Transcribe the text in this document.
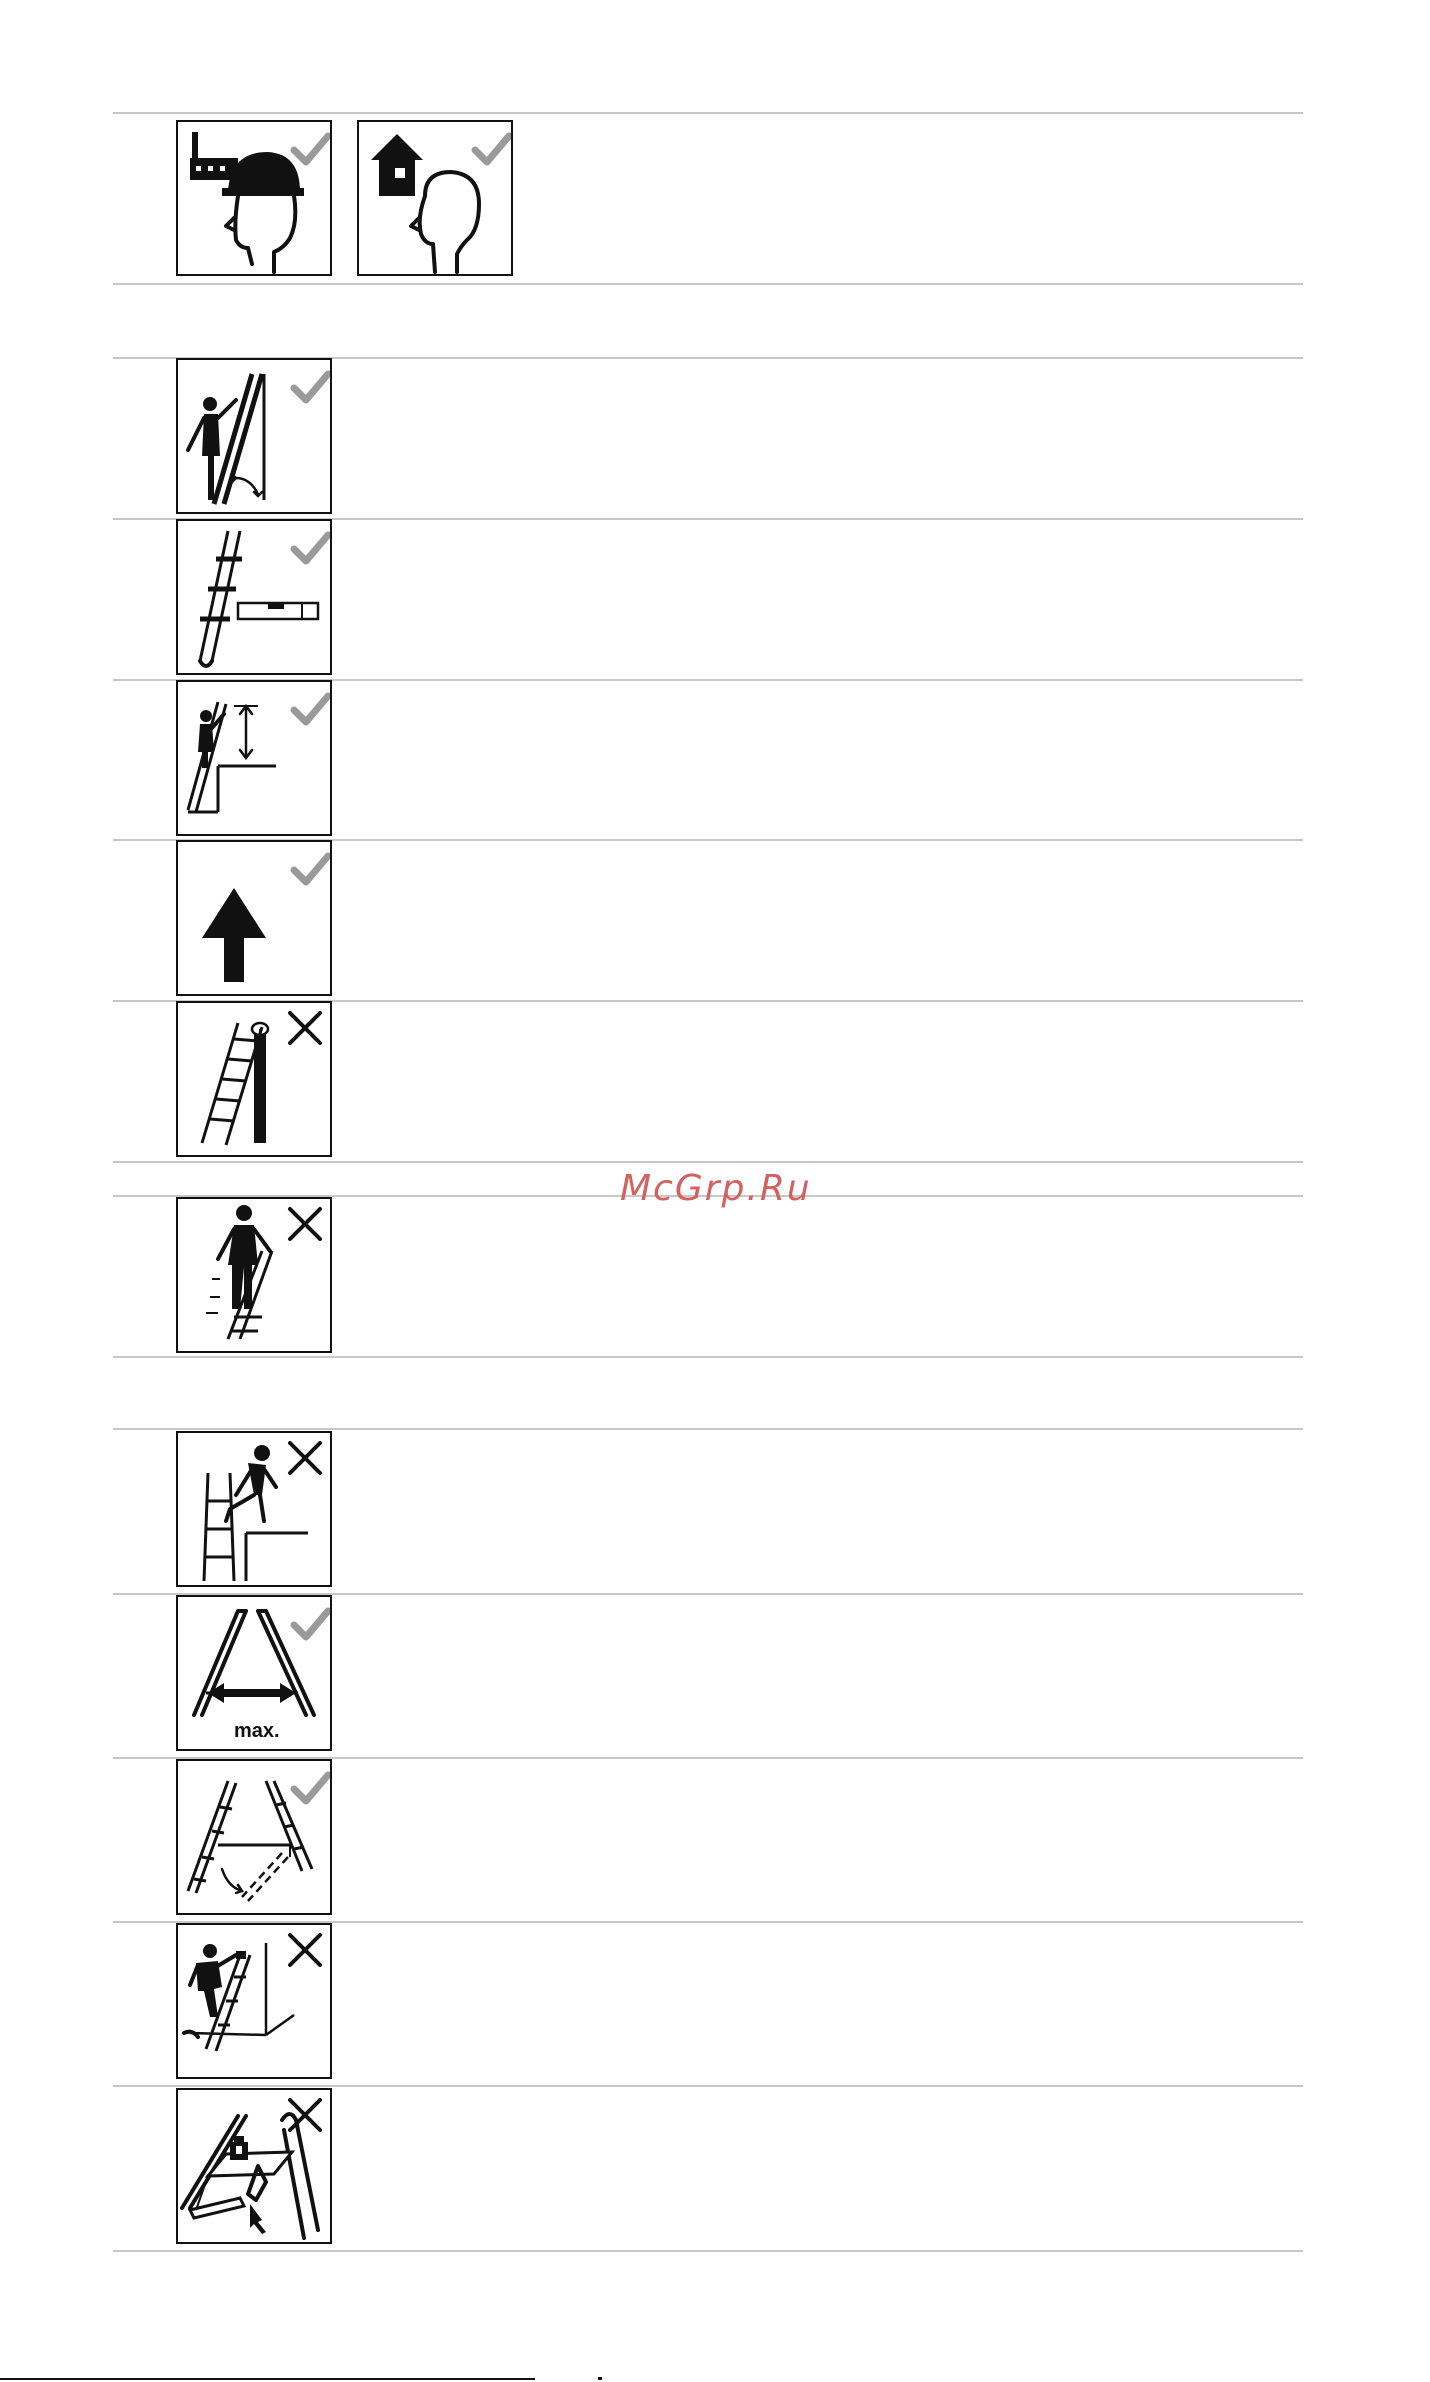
max.
McGrp.Ru
